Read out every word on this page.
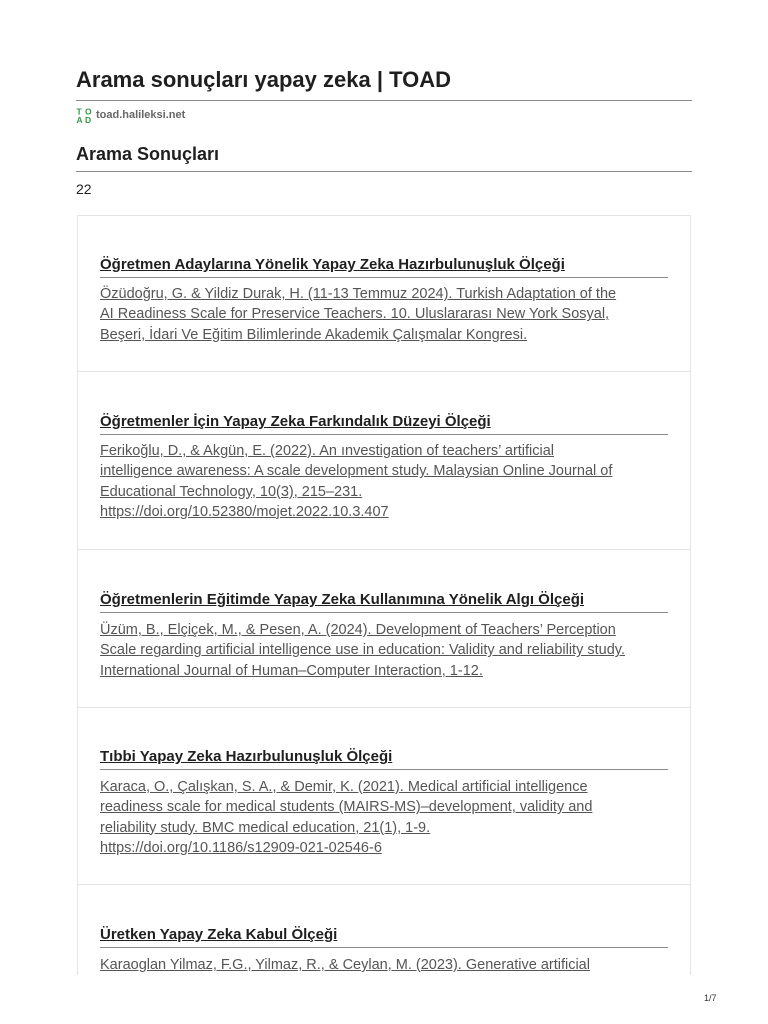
Arama sonuçları yapay zeka | TOAD
T O
A D toad.halileksi.net
Arama Sonuçları
22
Öğretmen Adaylarına Yönelik Yapay Zeka Hazırbulunuşluk Ölçeği
Özüdoğru, G. & Yildiz Durak, H. (11-13 Temmuz 2024). Turkish Adaptation of the
AI Readiness Scale for Preservice Teachers. 10. Uluslararası New York Sosyal,
Beşeri, İdari Ve Eğitim Bilimlerinde Akademik Çalışmalar Kongresi.
Öğretmenler İçin Yapay Zeka Farkındalık Düzeyi Ölçeği
Ferikoğlu, D., & Akgün, E. (2022). An ınvestigation of teachers’ artificial
intelligence awareness: A scale development study. Malaysian Online Journal of
Educational Technology, 10(3), 215–231.
https://doi.org/10.52380/mojet.2022.10.3.407
Öğretmenlerin Eğitimde Yapay Zeka Kullanımına Yönelik Algı Ölçeği
Üzüm, B., Elçiçek, M., & Pesen, A. (2024). Development of Teachers’ Perception
Scale regarding artificial intelligence use in education: Validity and reliability study.
International Journal of Human–Computer Interaction, 1-12.
Tıbbi Yapay Zeka Hazırbulunuşluk Ölçeği
Karaca, O., Çalışkan, S. A., & Demir, K. (2021). Medical artificial intelligence
readiness scale for medical students (MAIRS-MS)–development, validity and
reliability study. BMC medical education, 21(1), 1-9.
https://doi.org/10.1186/s12909-021-02546-6
Üretken Yapay Zeka Kabul Ölçeği
Karaoglan Yilmaz, F.G., Yilmaz, R., & Ceylan, M. (2023). Generative artificial
1/7
